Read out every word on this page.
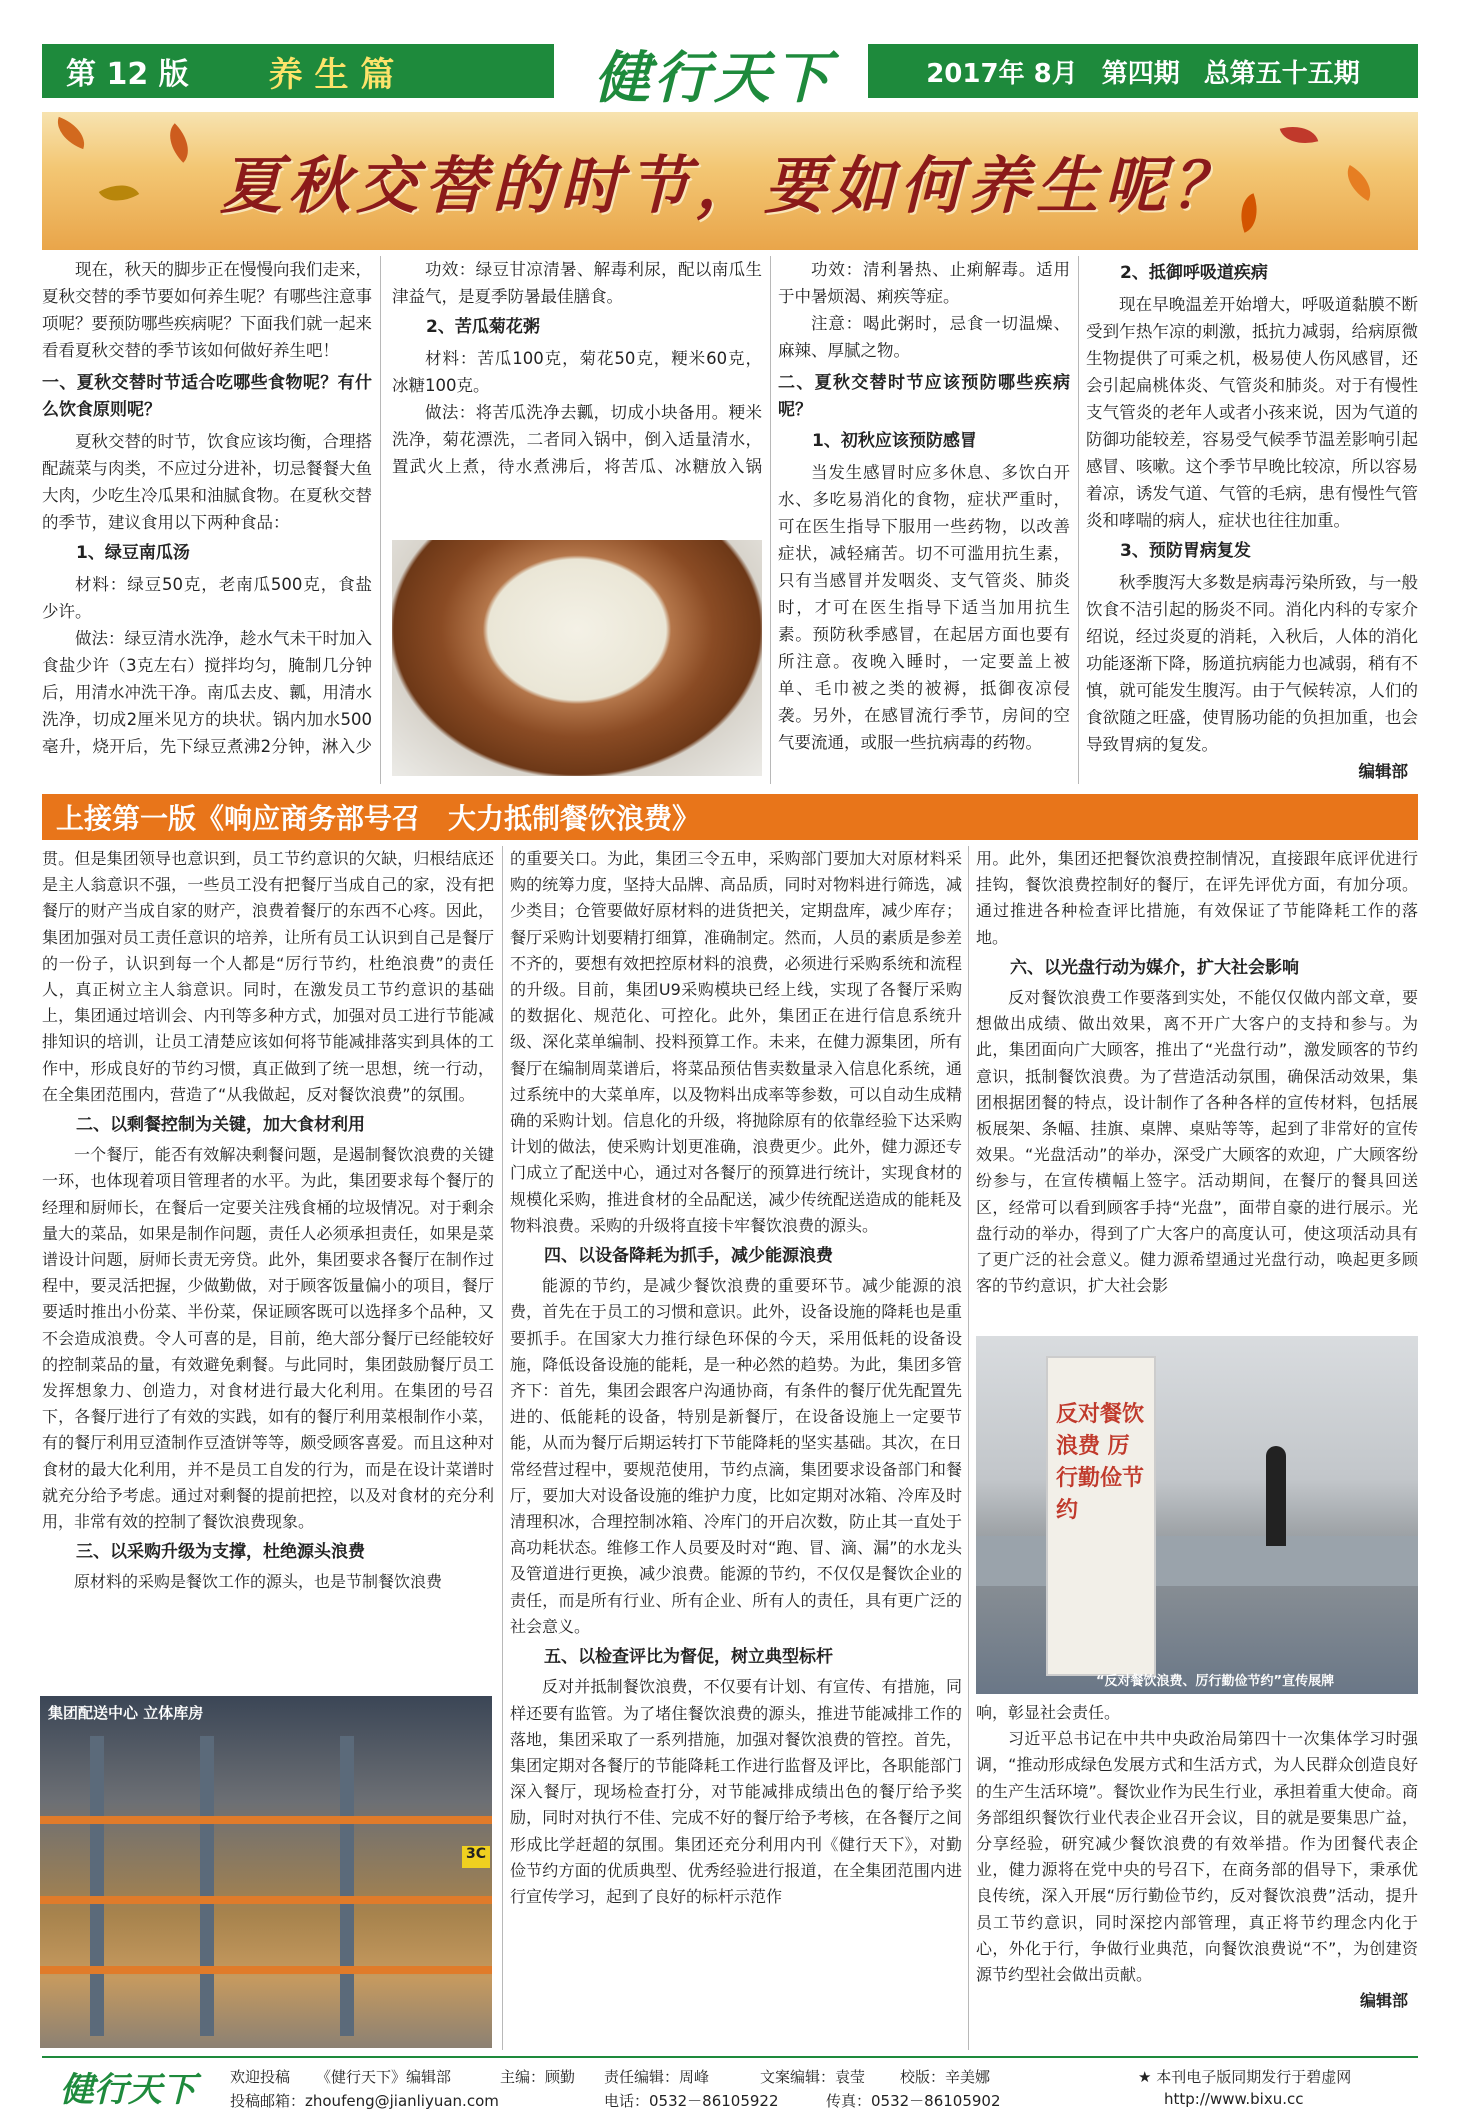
第 12 版 养 生 篇	健行天下	2017年 8月 第四期 总第五十五期
夏秋交替的时节，要如何养生呢？

现在，秋天的脚步正在慢慢向我们走来，夏秋交替的季节要如何养生呢？有哪些注意事项呢？要预防哪些疾病呢？下面我们就一起来看看夏秋交替的季节该如何做好养生吧！

一、夏秋交替时节适合吃哪些食物呢？有什么饮食原则呢？

夏秋交替的时节，饮食应该均衡，合理搭配蔬菜与肉类，不应过分进补，切忌餐餐大鱼大肉，少吃生冷瓜果和油腻食物。在夏秋交替的季节，建议食用以下两种食品：

1、绿豆南瓜汤

材料：绿豆50克，老南瓜500克，食盐少许。

做法：绿豆清水洗净，趁水气未干时加入食盐少许（3克左右）搅拌均匀，腌制几分钟后，用清水冲洗干净。南瓜去皮、瓤，用清水洗净，切成2厘米见方的块状。锅内加水500毫升，烧开后，先下绿豆煮沸2分钟，淋入少

功效：绿豆甘凉清暑、解毒利尿，配以南瓜生津益气，是夏季防暑最佳膳食。

2、苦瓜菊花粥

材料：苦瓜100克，菊花50克，粳米60克，冰糖100克。

做法：将苦瓜洗净去瓤，切成小块备用。粳米洗净，菊花漂洗，二者同入锅中，倒入适量清水，置武火上煮，待水煮沸后，将苦瓜、冰糖放入锅

功效：清利暑热、止痢解毒。适用于中暑烦渴、痢疾等症。

注意：喝此粥时，忌食一切温燥、麻辣、厚腻之物。

二、夏秋交替时节应该预防哪些疾病呢？
1、初秋应该预防感冒

当发生感冒时应多休息、多饮白开水、多吃易消化的食物，症状严重时，可在医生指导下服用一些药物，以改善症状，减轻痛苦。切不可滥用抗生素，只有当感冒并发咽炎、支气管炎、肺炎时，才可在医生指导下适当加用抗生素。预防秋季感冒，在起居方面也要有所注意。夜晚入睡时，一定要盖上被单、毛巾被之类的被褥，抵御夜凉侵袭。另外，在感冒流行季节，房间的空气要流通，或服一些抗病毒的药物。

2、抵御呼吸道疾病

现在早晚温差开始增大，呼吸道黏膜不断受到乍热乍凉的刺激，抵抗力减弱，给病原微生物提供了可乘之机，极易使人伤风感冒，还会引起扁桃体炎、气管炎和肺炎。对于有慢性支气管炎的老年人或者小孩来说，因为气道的防御功能较差，容易受气候季节温差影响引起感冒、咳嗽。这个季节早晚比较凉，所以容易着凉，诱发气道、气管的毛病，患有慢性气管炎和哮喘的病人，症状也往往加重。

3、预防胃病复发

秋季腹泻大多数是病毒污染所致，与一般饮食不洁引起的肠炎不同。消化内科的专家介绍说，经过炎夏的消耗，入秋后，人体的消化功能逐渐下降，肠道抗病能力也减弱，稍有不慎，就可能发生腹泻。由于气候转凉，人们的食欲随之旺盛，使胃肠功能的负担加重，也会导致胃病的复发。

编辑部
上接第一版《响应商务部号召　大力抵制餐饮浪费》

贯。但是集团领导也意识到，员工节约意识的欠缺，归根结底还是主人翁意识不强，一些员工没有把餐厅当成自己的家，没有把餐厅的财产当成自家的财产，浪费着餐厅的东西不心疼。因此，集团加强对员工责任意识的培养，让所有员工认识到自己是餐厅的一份子，认识到每一个人都是“厉行节约，杜绝浪费”的责任人，真正树立主人翁意识。同时，在激发员工节约意识的基础上，集团通过培训会、内刊等多种方式，加强对员工进行节能减排知识的培训，让员工清楚应该如何将节能减排落实到具体的工作中，形成良好的节约习惯，真正做到了统一思想，统一行动，在全集团范围内，营造了“从我做起，反对餐饮浪费”的氛围。

二、以剩餐控制为关键，加大食材利用

一个餐厅，能否有效解决剩餐问题，是遏制餐饮浪费的关键一环，也体现着项目管理者的水平。为此，集团要求每个餐厅的经理和厨师长，在餐后一定要关注残食桶的垃圾情况。对于剩余量大的菜品，如果是制作问题，责任人必须承担责任，如果是菜谱设计问题，厨师长责无旁贷。此外，集团要求各餐厅在制作过程中，要灵活把握，少做勤做，对于顾客饭量偏小的项目，餐厅要适时推出小份菜、半份菜，保证顾客既可以选择多个品种，又不会造成浪费。令人可喜的是，目前，绝大部分餐厅已经能较好的控制菜品的量，有效避免剩餐。与此同时，集团鼓励餐厅员工发挥想象力、创造力，对食材进行最大化利用。在集团的号召下，各餐厅进行了有效的实践，如有的餐厅利用菜根制作小菜，有的餐厅利用豆渣制作豆渣饼等等，颇受顾客喜爱。而且这种对食材的最大化利用，并不是员工自发的行为，而是在设计菜谱时就充分给予考虑。通过对剩餐的提前把控，以及对食材的充分利用，非常有效的控制了餐饮浪费现象。

三、以采购升级为支撑，杜绝源头浪费

原材料的采购是餐饮工作的源头，也是节制餐饮浪费

集团配送中心 立体库房
3C

的重要关口。为此，集团三令五申，采购部门要加大对原材料采购的统筹力度，坚持大品牌、高品质，同时对物料进行筛选，减少类目；仓管要做好原材料的进货把关，定期盘库，减少库存；餐厅采购计划要精打细算，准确制定。然而，人员的素质是参差不齐的，要想有效把控原材料的浪费，必须进行采购系统和流程的升级。目前，集团U9采购模块已经上线，实现了各餐厅采购的数据化、规范化、可控化。此外，集团正在进行信息系统升级、深化菜单编制、投料预算工作。未来，在健力源集团，所有餐厅在编制周菜谱后，将菜品预估售卖数量录入信息化系统，通过系统中的大菜单库，以及物料出成率等参数，可以自动生成精确的采购计划。信息化的升级，将抛除原有的依靠经验下达采购计划的做法，使采购计划更准确，浪费更少。此外，健力源还专门成立了配送中心，通过对各餐厅的预算进行统计，实现食材的规模化采购，推进食材的全品配送，减少传统配送造成的能耗及物料浪费。采购的升级将直接卡牢餐饮浪费的源头。

四、以设备降耗为抓手，减少能源浪费

能源的节约，是减少餐饮浪费的重要环节。减少能源的浪费，首先在于员工的习惯和意识。此外，设备设施的降耗也是重要抓手。在国家大力推行绿色环保的今天，采用低耗的设备设施，降低设备设施的能耗，是一种必然的趋势。为此，集团多管齐下：首先，集团会跟客户沟通协商，有条件的餐厅优先配置先进的、低能耗的设备，特别是新餐厅，在设备设施上一定要节能，从而为餐厅后期运转打下节能降耗的坚实基础。其次，在日常经营过程中，要规范使用，节约点滴，集团要求设备部门和餐厅，要加大对设备设施的维护力度，比如定期对冰箱、冷库及时清理积冰，合理控制冰箱、冷库门的开启次数，防止其一直处于高功耗状态。维修工作人员要及时对“跑、冒、滴、漏”的水龙头及管道进行更换，减少浪费。能源的节约，不仅仅是餐饮企业的责任，而是所有行业、所有企业、所有人的责任，具有更广泛的社会意义。

五、以检查评比为督促，树立典型标杆

反对并抵制餐饮浪费，不仅要有计划、有宣传、有措施，同样还要有监管。为了堵住餐饮浪费的源头，推进节能减排工作的落地，集团采取了一系列措施，加强对餐饮浪费的管控。首先，集团定期对各餐厅的节能降耗工作进行监督及评比，各职能部门深入餐厅，现场检查打分，对节能减排成绩出色的餐厅给予奖励，同时对执行不佳、完成不好的餐厅给予考核，在各餐厅之间形成比学赶超的氛围。集团还充分利用内刊《健行天下》，对勤俭节约方面的优质典型、优秀经验进行报道，在全集团范围内进行宣传学习，起到了良好的标杆示范作

用。此外，集团还把餐饮浪费控制情况，直接跟年底评优进行挂钩，餐饮浪费控制好的餐厅，在评先评优方面，有加分项。通过推进各种检查评比措施，有效保证了节能降耗工作的落地。

六、以光盘行动为媒介，扩大社会影响

反对餐饮浪费工作要落到实处，不能仅仅做内部文章，要想做出成绩、做出效果，离不开广大客户的支持和参与。为此，集团面向广大顾客，推出了“光盘行动”，激发顾客的节约意识，抵制餐饮浪费。为了营造活动氛围，确保活动效果，集团根据团餐的特点，设计制作了各种各样的宣传材料，包括展板展架、条幅、挂旗、桌牌、桌贴等等，起到了非常好的宣传效果。“光盘活动”的举办，深受广大顾客的欢迎，广大顾客纷纷参与，在宣传横幅上签字。活动期间，在餐厅的餐具回送区，经常可以看到顾客手持“光盘”，面带自豪的进行展示。光盘行动的举办，得到了广大客户的高度认可，使这项活动具有了更广泛的社会意义。健力源希望通过光盘行动，唤起更多顾客的节约意识，扩大社会影

反对餐饮浪费 厉行勤俭节约
“反对餐饮浪费、厉行勤俭节约”宣传展牌

响，彰显社会责任。

习近平总书记在中共中央政治局第四十一次集体学习时强调，“推动形成绿色发展方式和生活方式，为人民群众创造良好的生产生活环境”。餐饮业作为民生行业，承担着重大使命。商务部组织餐饮行业代表企业召开会议，目的就是要集思广益，分享经验，研究减少餐饮浪费的有效举措。作为团餐代表企业，健力源将在党中央的号召下，在商务部的倡导下，秉承优良传统，深入开展“厉行勤俭节约，反对餐饮浪费”活动，提升员工节约意识，同时深挖内部管理，真正将节约理念内化于心，外化于行，争做行业典范，向餐饮浪费说“不”，为创建资源节约型社会做出贡献。

编辑部
健行天下 欢迎投稿 《健行天下》编辑部	主编：顾勤 责任编辑：周峰	文案编辑：袁莹 校版：辛美娜	★ 本刊电子版同期发行于碧虚网
投稿邮箱：zhoufeng@jianliyuan.com	电话：0532－86105922	传真：0532－86105902	http://www.bixu.cc
